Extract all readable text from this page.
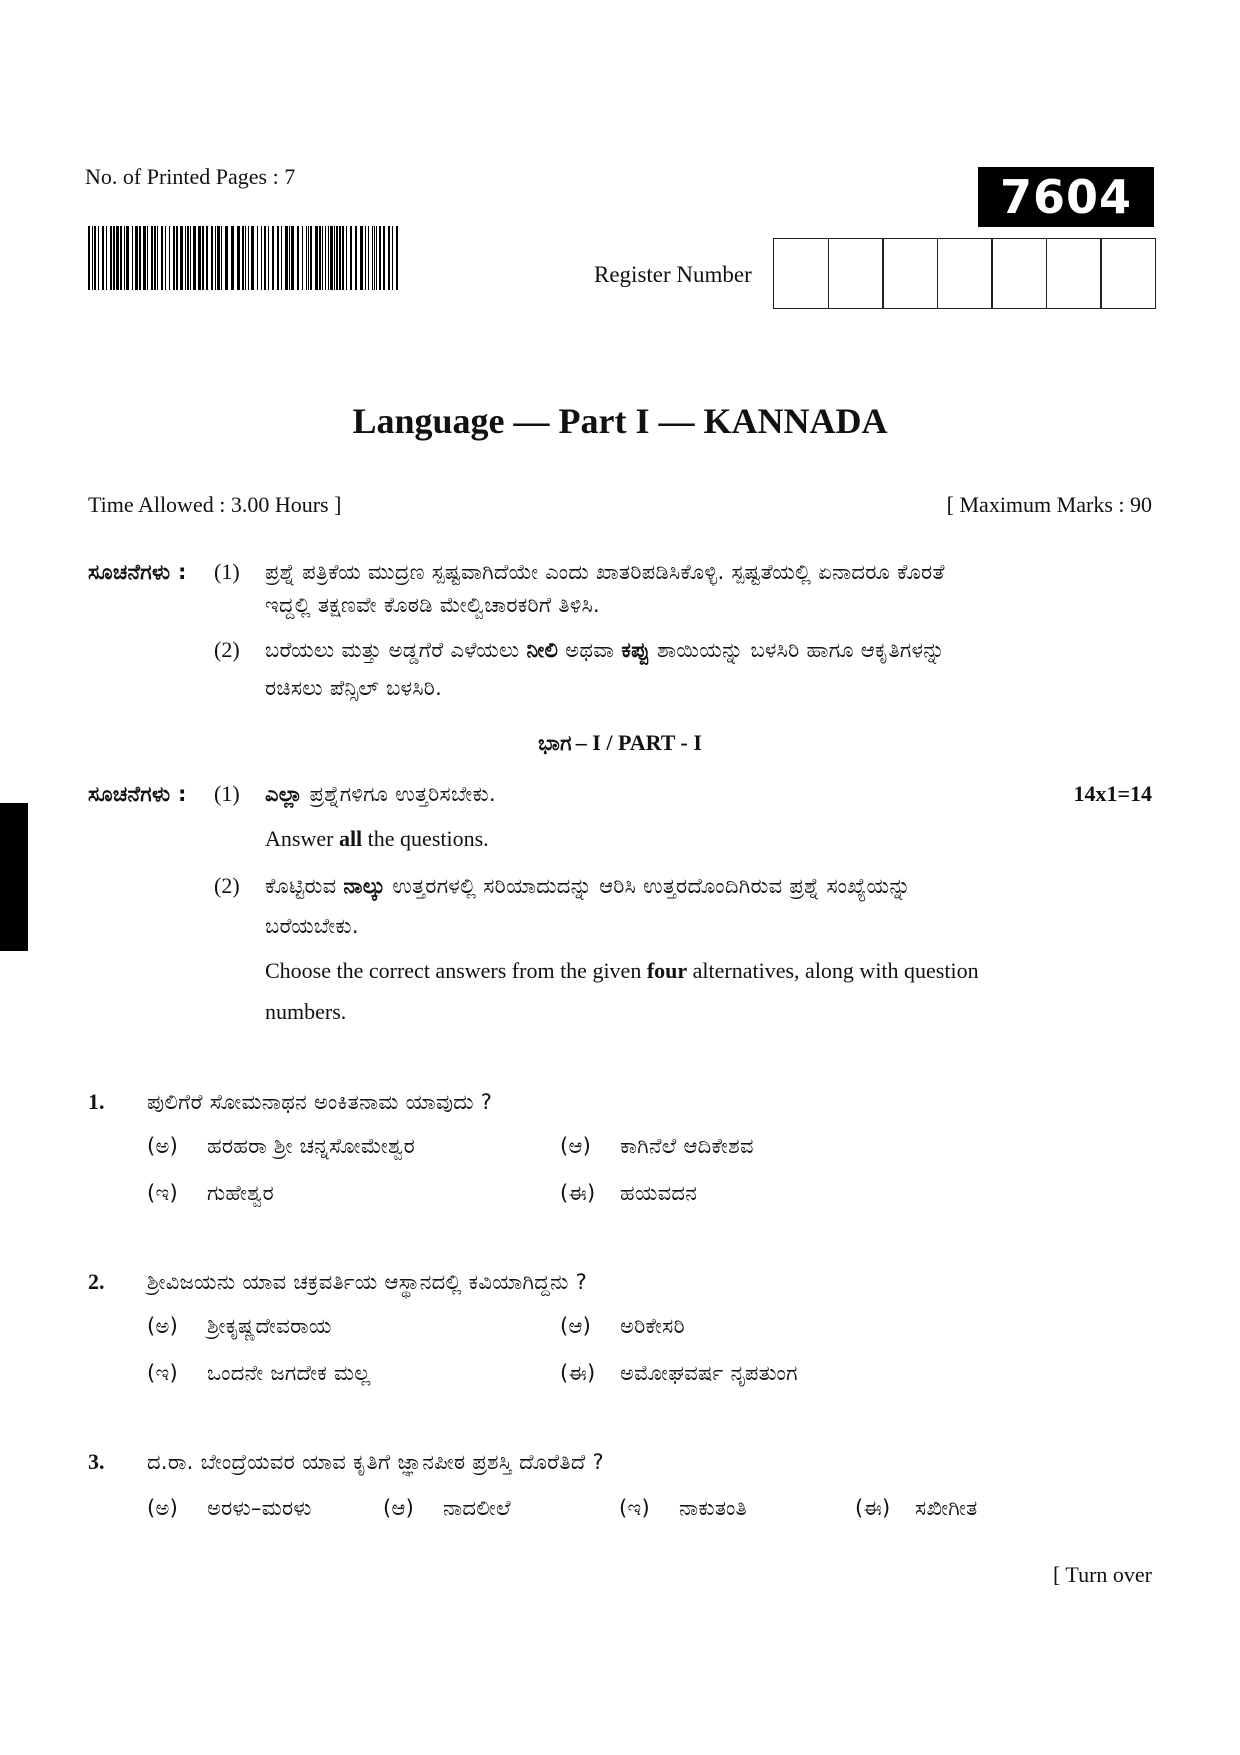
No. of Printed Pages : 7	7604
Register Number
Language — Part I — KANNADA
Time Allowed : 3.00 Hours ]	[ Maximum Marks : 90
ಸೂಚನೆಗಳು : (1) ಪ್ರಶ್ನೆ ಪತ್ರಿಕೆಯ ಮುದ್ರಣ ಸ್ಪಷ್ಟವಾಗಿದೆಯೇ ಎಂದು ಖಾತರಿಪಡಿಸಿಕೊಳ್ಳಿ. ಸ್ಪಷ್ಟತೆಯಲ್ಲಿ ಏನಾದರೂ ಕೊರತೆ
ಇದ್ದಲ್ಲಿ ತಕ್ಷಣವೇ ಕೊಠಡಿ ಮೇಲ್ವಿಚಾರಕರಿಗೆ ತಿಳಿಸಿ.
(2) ಬರೆಯಲು ಮತ್ತು ಅಡ್ಡಗೆರೆ ಎಳೆಯಲು ನೀಲಿ ಅಥವಾ ಕಪ್ಪು ಶಾಯಿಯನ್ನು ಬಳಸಿರಿ ಹಾಗೂ ಆಕೃತಿಗಳನ್ನು
ರಚಿಸಲು ಪೆನ್ಸಿಲ್ ಬಳಸಿರಿ.
ಭಾಗ – I / PART - I
ಸೂಚನೆಗಳು : (1) ಎಲ್ಲಾ ಪ್ರಶ್ನೆಗಳಿಗೂ ಉತ್ತರಿಸಬೇಕು.	14x1=14
Answer all the questions.
(2) ಕೊಟ್ಟಿರುವ ನಾಲ್ಕು ಉತ್ತರಗಳಲ್ಲಿ ಸರಿಯಾದುದನ್ನು ಆರಿಸಿ ಉತ್ತರದೊಂದಿಗಿರುವ ಪ್ರಶ್ನೆ ಸಂಖ್ಯೆಯನ್ನು
ಬರೆಯಬೇಕು.
Choose the correct answers from the given four alternatives, along with question
numbers.
1. ಪುಲಿಗೆರೆ ಸೋಮನಾಥನ ಅಂಕಿತನಾಮ ಯಾವುದು ?
(ಅ) ಹರಹರಾ ಶ್ರೀ ಚನ್ನಸೋಮೇಶ್ವರ	(ಆ) ಕಾಗಿನೆಲೆ ಆದಿಕೇಶವ
(ಇ) ಗುಹೇಶ್ವರ	(ಈ) ಹಯವದನ
2. ಶ್ರೀವಿಜಯನು ಯಾವ ಚಕ್ರವರ್ತಿಯ ಆಸ್ಥಾನದಲ್ಲಿ ಕವಿಯಾಗಿದ್ದನು ?
(ಅ) ಶ್ರೀಕೃಷ್ಣದೇವರಾಯ	(ಆ) ಅರಿಕೇಸರಿ
(ಇ) ಒಂದನೇ ಜಗದೇಕ ಮಲ್ಲ	(ಈ) ಅಮೋಘವರ್ಷ ನೃಪತುಂಗ
3. ದ.ರಾ. ಬೇಂದ್ರೆಯವರ ಯಾವ ಕೃತಿಗೆ ಜ್ಞಾನಪೀಠ ಪ್ರಶಸ್ತಿ ದೊರೆತಿದೆ ?
(ಅ) ಅರಳು–ಮರಳು	(ಆ) ನಾದಲೀಲೆ	(ಇ) ನಾಕುತಂತಿ	(ಈ) ಸಖೀಗೀತ
[ Turn over
